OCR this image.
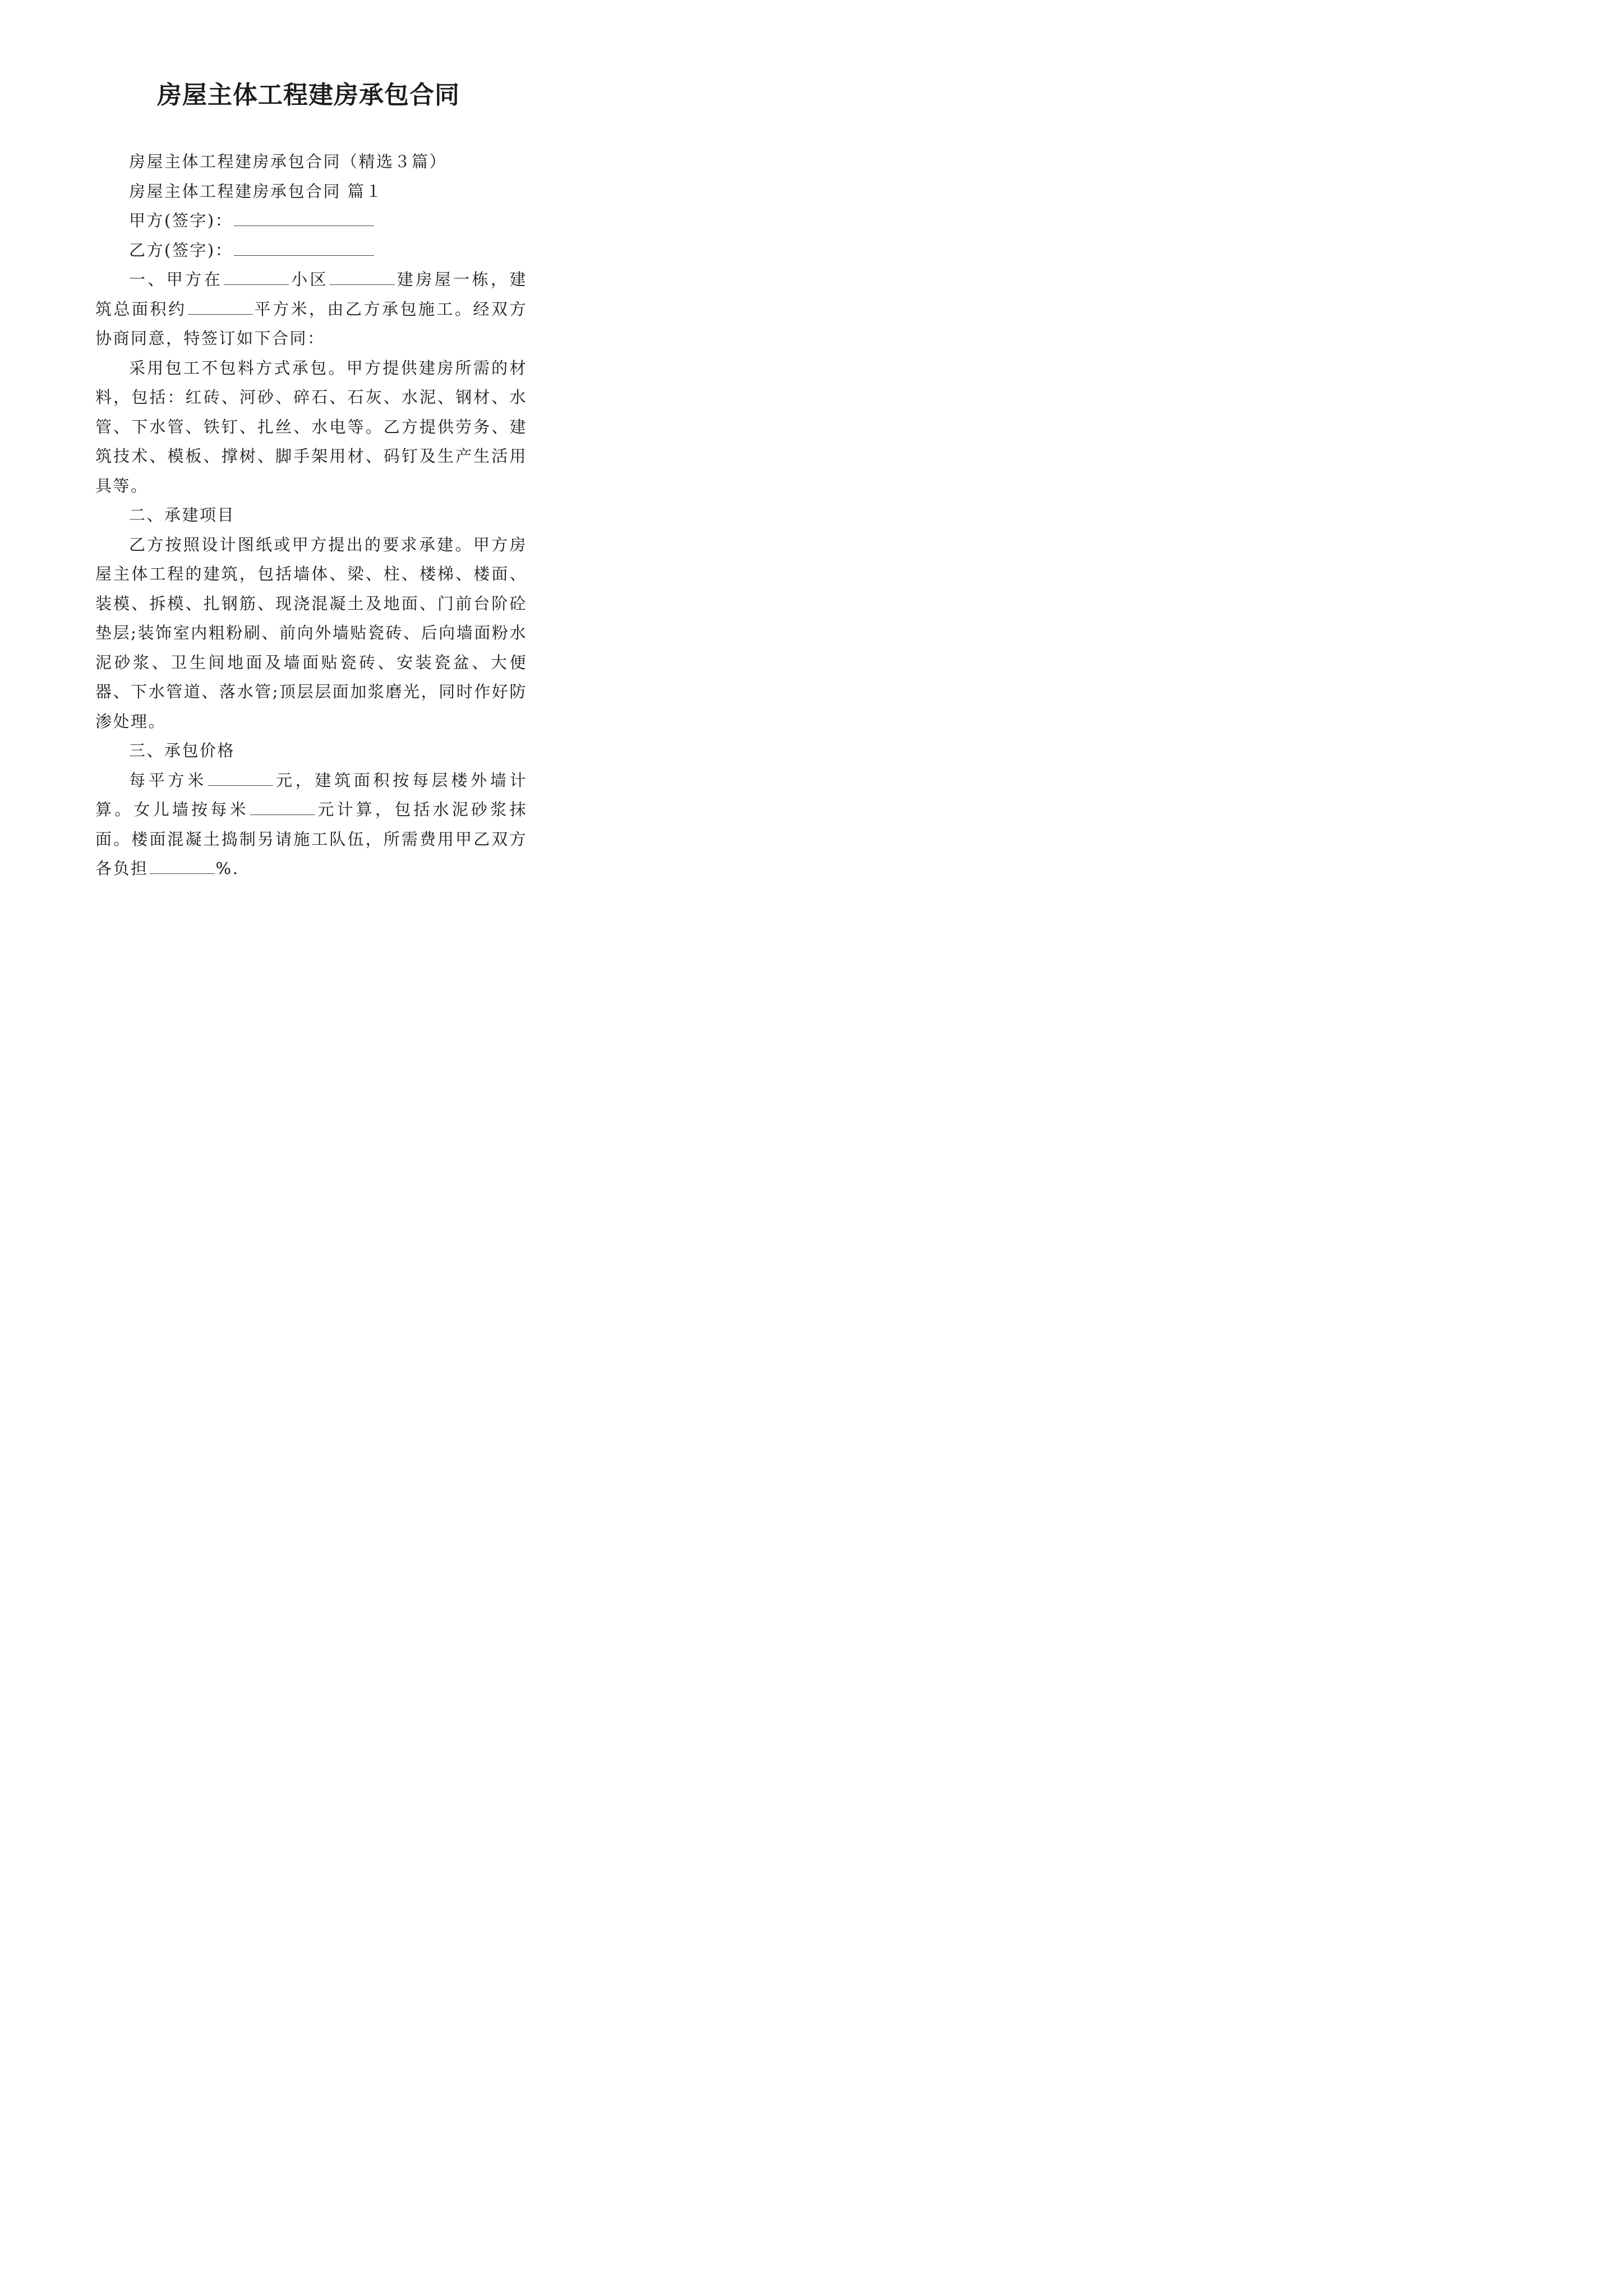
房屋主体工程建房承包合同

房屋主体工程建房承包合同（精选３篇）

房屋主体工程建房承包合同 篇１

甲方(签字)：

乙方(签字)：

一、甲方在	小区	建房屋一栋，建筑总面积约	平方米，由乙方承包施工。经双方协商同意，特签订如下合同：

采用包工不包料方式承包。甲方提供建房所需的材料，包括：红砖、河砂、碎石、石灰、水泥、钢材、水管、下水管、铁钉、扎丝、水电等。乙方提供劳务、建筑技术、模板、撑树、脚手架用材、码钉及生产生活用具等。

二、承建项目

乙方按照设计图纸或甲方提出的要求承建。甲方房屋主体工程的建筑，包括墙体、梁、柱、楼梯、楼面、装模、拆模、扎钢筋、现浇混凝土及地面、门前台阶砼垫层;装饰室内粗粉刷、前向外墙贴瓷砖、后向墙面粉水泥砂浆、卫生间地面及墙面贴瓷砖、安装瓷盆、大便器、下水管道、落水管;顶层层面加浆磨光，同时作好防渗处理。

三、承包价格

每平方米	元，建筑面积按每层楼外墙计算。女儿墙按每米	元计算，包括水泥砂浆抹面。楼面混凝土捣制另请施工队伍，所需费用甲乙双方各负担	%.
